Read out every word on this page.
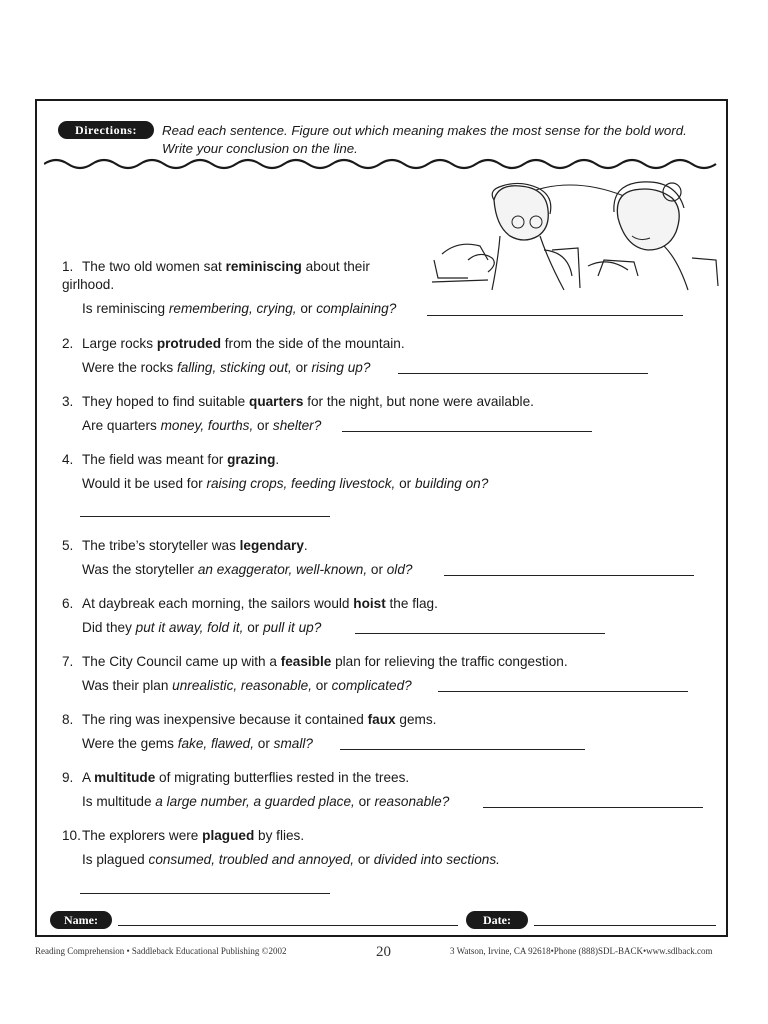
Directions:	Read each sentence. Figure out which meaning makes the most sense for the bold word. Write your conclusion on the line.
1. The two old women sat reminiscing about their girlhood.
Is reminiscing remembering, crying, or complaining?
2. Large rocks protruded from the side of the mountain.
Were the rocks falling, sticking out, or rising up?
3. They hoped to find suitable quarters for the night, but none were available.
Are quarters money, fourths, or shelter?
4. The field was meant for grazing.
Would it be used for raising crops, feeding livestock, or building on?
5. The tribe’s storyteller was legendary.
Was the storyteller an exaggerator, well-known, or old?
6. At daybreak each morning, the sailors would hoist the flag.
Did they put it away, fold it, or pull it up?
7. The City Council came up with a feasible plan for relieving the traffic congestion.
Was their plan unrealistic, reasonable, or complicated?
8. The ring was inexpensive because it contained faux gems.
Were the gems fake, flawed, or small?
9. A multitude of migrating butterflies rested in the trees.
Is multitude a large number, a guarded place, or reasonable?
10.The explorers were plagued by flies.
Is plagued consumed, troubled and annoyed, or divided into sections.
Name:	Date:
Reading Comprehension • Saddleback Educational Publishing ©2002	20	3 Watson, Irvine, CA 92618•Phone (888)SDL-BACK•www.sdlback.com
